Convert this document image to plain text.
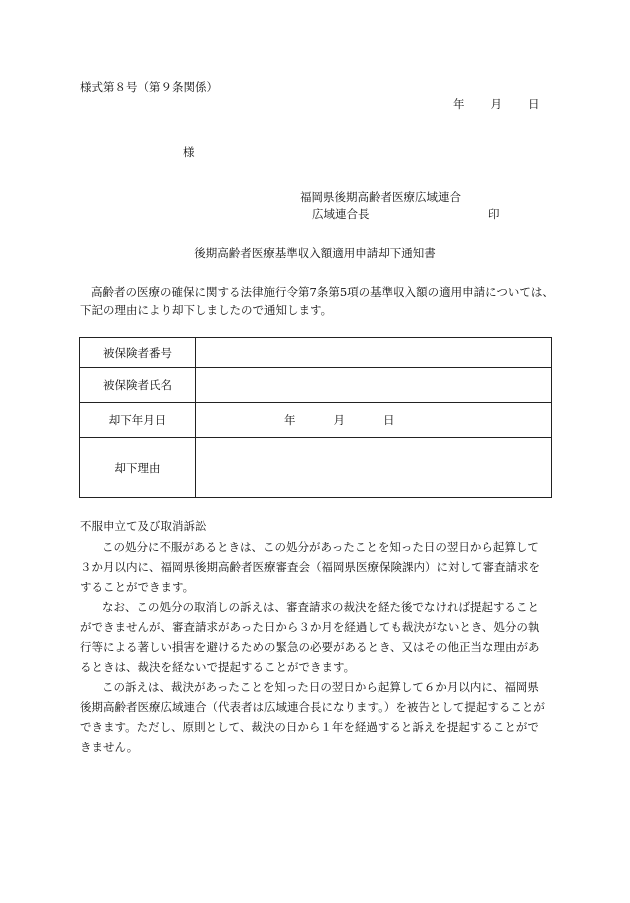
様式第８号（第９条関係）
年 月 日
様
福岡県後期高齢者医療広域連合
広域連合長	印
後期高齢者医療基準収入額適用申請却下通知書
高齢者の医療の確保に関する法律施行令第7条第5項の基準収入額の適用申請については、下記の理由により却下しましたので通知します。
被保険者番号	
被保険者氏名	
却下年月日	年 月 日
却下理由	
不服申立て及び取消訴訟
この処分に不服があるときは、この処分があったことを知った日の翌日から起算して３か月以内に、福岡県後期高齢者医療審査会（福岡県医療保険課内）に対して審査請求をすることができます。
なお、この処分の取消しの訴えは、審査請求の裁決を経た後でなければ提起することができませんが、審査請求があった日から３か月を経過しても裁決がないとき、処分の執行等による著しい損害を避けるための緊急の必要があるとき、又はその他正当な理由があるときは、裁決を経ないで提起することができます。
この訴えは、裁決があったことを知った日の翌日から起算して６か月以内に、福岡県後期高齢者医療広域連合（代表者は広域連合長になります。）を被告として提起することができます。ただし、原則として、裁決の日から１年を経過すると訴えを提起することができません。
